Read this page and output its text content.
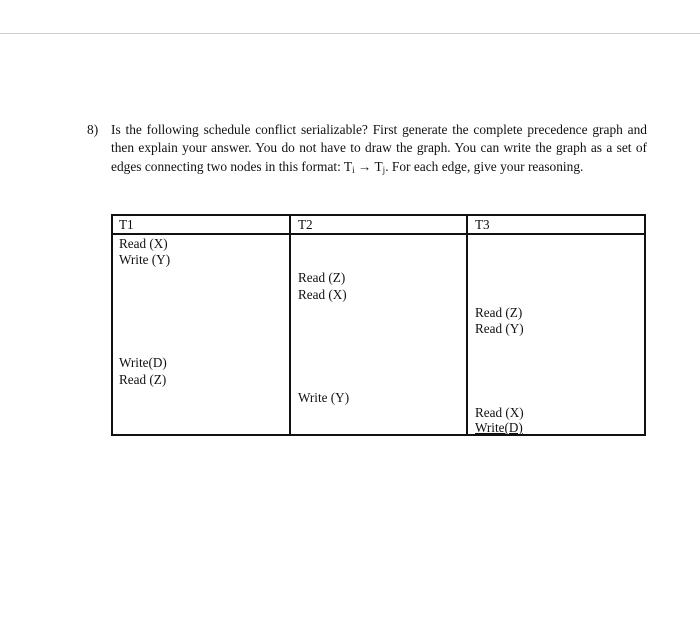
8) Is the following schedule conflict serializable? First generate the complete precedence graph and then explain your answer. You do not have to draw the graph. You can write the graph as a set of edges connecting two nodes in this format: $T_i \to T_j$. For each edge, give your reasoning.
T1	T2	T3
Read (X)
Write (Y)
Read (Z)
Read (X)
Read (Z)
Read (Y)
Write(D)
Read (Z)
Write (Y)
Read (X)
Write(D)
